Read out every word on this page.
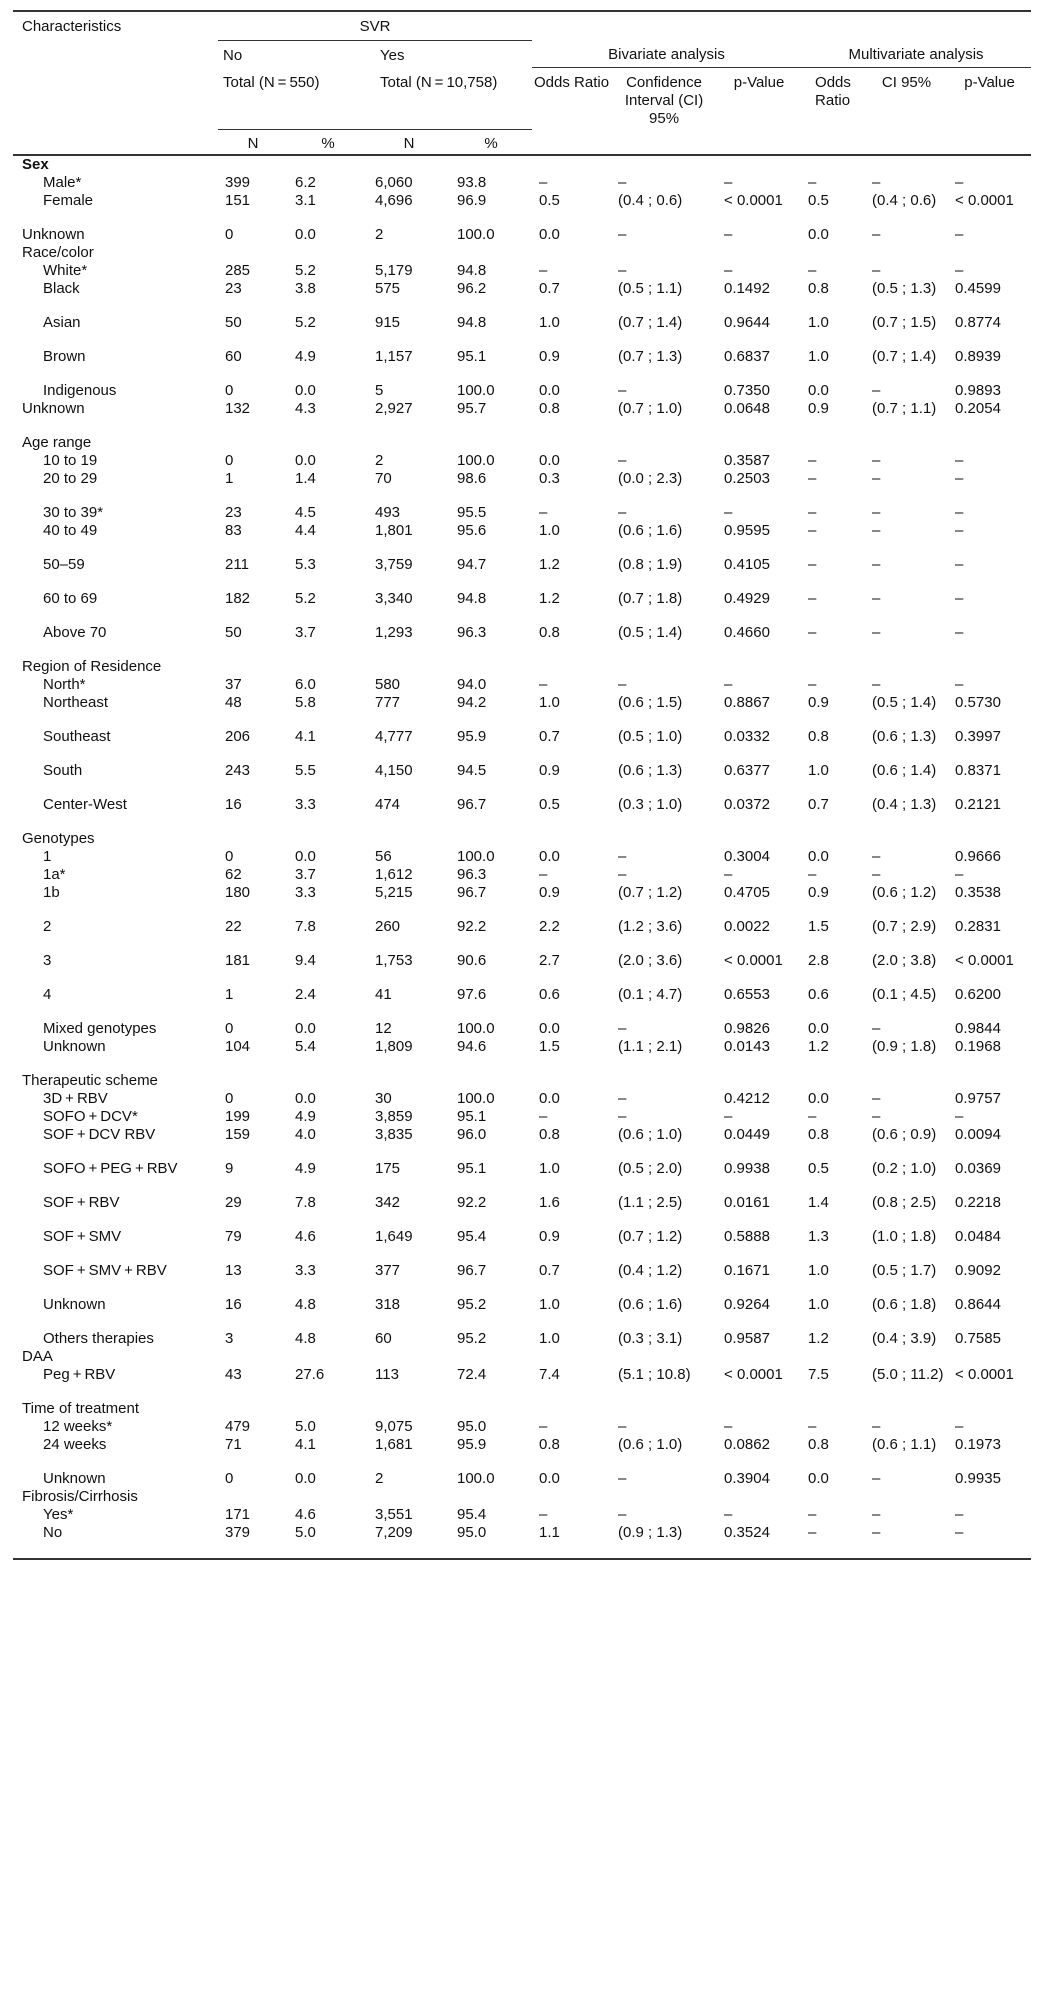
Characteristics	SVR									
	No		Yes		Bivariate analysis			Multivariate analysis		
	Total (N = 550)		Total (N = 10,758)		Odds Ratio	Confidence Interval (CI) 95%	p-Value	Odds Ratio	CI 95%	p-Value
	N	%	N	%						
Sex										
Male*	399	6.2	6,060	93.8	–	–	–	–	–	–
Female	151	3.1	4,696	96.9	0.5	(0.4 ; 0.6)	< 0.0001	0.5	(0.4 ; 0.6)	< 0.0001
Unknown	0	0.0	2	100.0	0.0	–	–	0.0	–	–
Race/color										
White*	285	5.2	5,179	94.8	–	–	–	–	–	–
Black	23	3.8	575	96.2	0.7	(0.5 ; 1.1)	0.1492	0.8	(0.5 ; 1.3)	0.4599
Asian	50	5.2	915	94.8	1.0	(0.7 ; 1.4)	0.9644	1.0	(0.7 ; 1.5)	0.8774
Brown	60	4.9	1,157	95.1	0.9	(0.7 ; 1.3)	0.6837	1.0	(0.7 ; 1.4)	0.8939
Indigenous	0	0.0	5	100.0	0.0	–	0.7350	0.0	–	0.9893
Unknown	132	4.3	2,927	95.7	0.8	(0.7 ; 1.0)	0.0648	0.9	(0.7 ; 1.1)	0.2054
Age range										
10 to 19	0	0.0	2	100.0	0.0	–	0.3587	–	–	–
20 to 29	1	1.4	70	98.6	0.3	(0.0 ; 2.3)	0.2503	–	–	–
30 to 39*	23	4.5	493	95.5	–	–	–	–	–	–
40 to 49	83	4.4	1,801	95.6	1.0	(0.6 ; 1.6)	0.9595	–	–	–
50–59	211	5.3	3,759	94.7	1.2	(0.8 ; 1.9)	0.4105	–	–	–
60 to 69	182	5.2	3,340	94.8	1.2	(0.7 ; 1.8)	0.4929	–	–	–
Above 70	50	3.7	1,293	96.3	0.8	(0.5 ; 1.4)	0.4660	–	–	–
Region of Residence										
North*	37	6.0	580	94.0	–	–	–	–	–	–
Northeast	48	5.8	777	94.2	1.0	(0.6 ; 1.5)	0.8867	0.9	(0.5 ; 1.4)	0.5730
Southeast	206	4.1	4,777	95.9	0.7	(0.5 ; 1.0)	0.0332	0.8	(0.6 ; 1.3)	0.3997
South	243	5.5	4,150	94.5	0.9	(0.6 ; 1.3)	0.6377	1.0	(0.6 ; 1.4)	0.8371
Center-West	16	3.3	474	96.7	0.5	(0.3 ; 1.0)	0.0372	0.7	(0.4 ; 1.3)	0.2121
Genotypes										
1	0	0.0	56	100.0	0.0	–	0.3004	0.0	–	0.9666
1a*	62	3.7	1,612	96.3	–	–	–	–	–	–
1b	180	3.3	5,215	96.7	0.9	(0.7 ; 1.2)	0.4705	0.9	(0.6 ; 1.2)	0.3538
2	22	7.8	260	92.2	2.2	(1.2 ; 3.6)	0.0022	1.5	(0.7 ; 2.9)	0.2831
3	181	9.4	1,753	90.6	2.7	(2.0 ; 3.6)	< 0.0001	2.8	(2.0 ; 3.8)	< 0.0001
4	1	2.4	41	97.6	0.6	(0.1 ; 4.7)	0.6553	0.6	(0.1 ; 4.5)	0.6200
Mixed genotypes	0	0.0	12	100.0	0.0	–	0.9826	0.0	–	0.9844
Unknown	104	5.4	1,809	94.6	1.5	(1.1 ; 2.1)	0.0143	1.2	(0.9 ; 1.8)	0.1968
Therapeutic scheme										
3D + RBV	0	0.0	30	100.0	0.0	–	0.4212	0.0	–	0.9757
SOFO + DCV*	199	4.9	3,859	95.1	–	–	–	–	–	–
SOF + DCV RBV	159	4.0	3,835	96.0	0.8	(0.6 ; 1.0)	0.0449	0.8	(0.6 ; 0.9)	0.0094
SOFO + PEG + RBV	9	4.9	175	95.1	1.0	(0.5 ; 2.0)	0.9938	0.5	(0.2 ; 1.0)	0.0369
SOF + RBV	29	7.8	342	92.2	1.6	(1.1 ; 2.5)	0.0161	1.4	(0.8 ; 2.5)	0.2218
SOF + SMV	79	4.6	1,649	95.4	0.9	(0.7 ; 1.2)	0.5888	1.3	(1.0 ; 1.8)	0.0484
SOF + SMV + RBV	13	3.3	377	96.7	0.7	(0.4 ; 1.2)	0.1671	1.0	(0.5 ; 1.7)	0.9092
Unknown	16	4.8	318	95.2	1.0	(0.6 ; 1.6)	0.9264	1.0	(0.6 ; 1.8)	0.8644
Others therapies	3	4.8	60	95.2	1.0	(0.3 ; 3.1)	0.9587	1.2	(0.4 ; 3.9)	0.7585
DAA										
Peg + RBV	43	27.6	113	72.4	7.4	(5.1 ; 10.8)	< 0.0001	7.5	(5.0 ; 11.2)	< 0.0001
Time of treatment										
12 weeks*	479	5.0	9,075	95.0	–	–	–	–	–	–
24 weeks	71	4.1	1,681	95.9	0.8	(0.6 ; 1.0)	0.0862	0.8	(0.6 ; 1.1)	0.1973
Unknown	0	0.0	2	100.0	0.0	–	0.3904	0.0	–	0.9935
Fibrosis/Cirrhosis										
Yes*	171	4.6	3,551	95.4	–	–	–	–	–	–
No	379	5.0	7,209	95.0	1.1	(0.9 ; 1.3)	0.3524	–	–	–
